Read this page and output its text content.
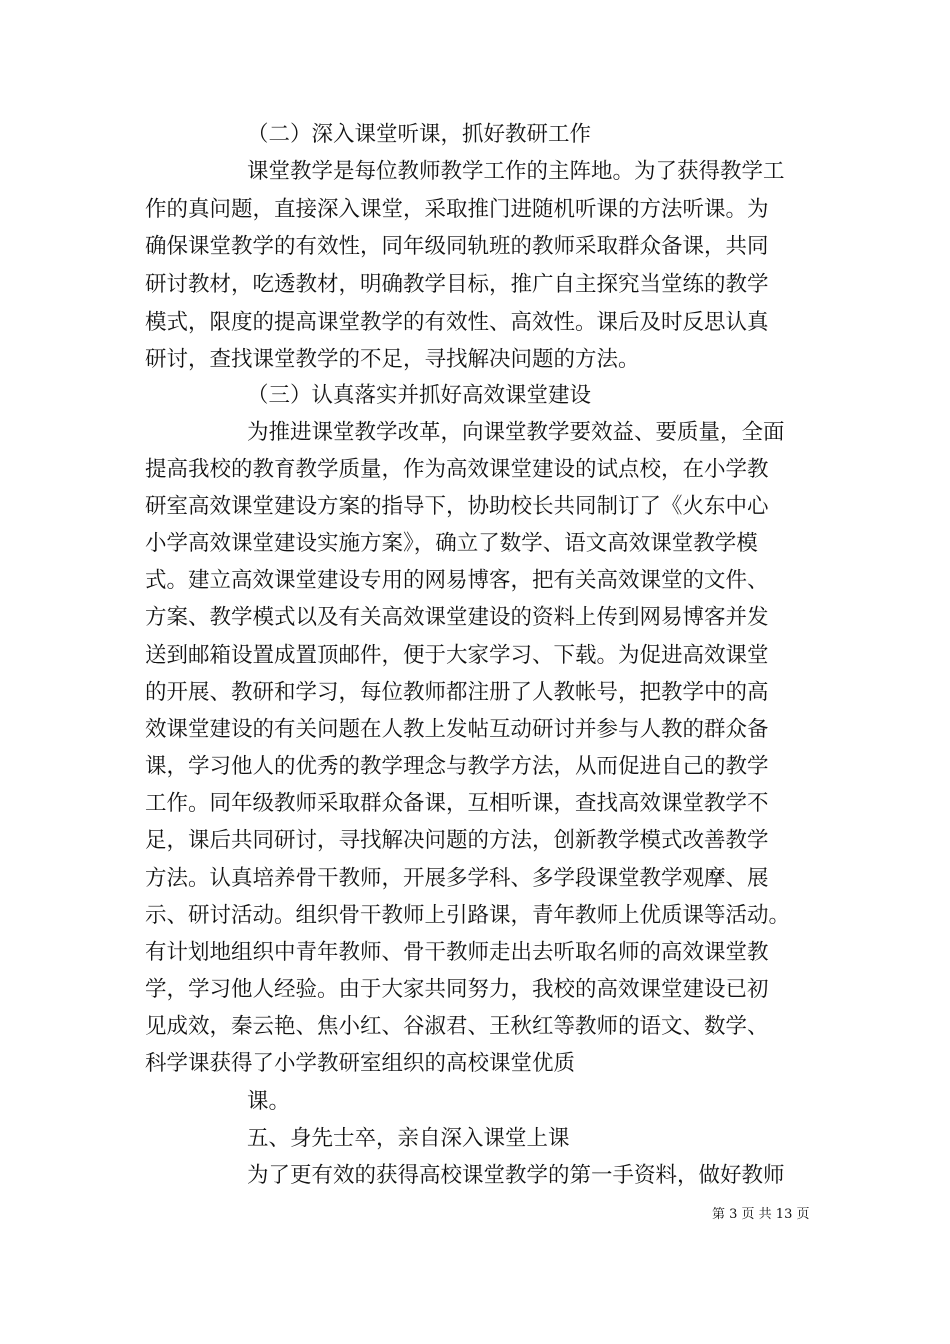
（二）深入课堂听课，抓好教研工作
课堂教学是每位教师教学工作的主阵地。为了获得教学工
作的真问题，直接深入课堂，采取推门进随机听课的方法听课。为
确保课堂教学的有效性，同年级同轨班的教师采取群众备课，共同
研讨教材，吃透教材，明确教学目标，推广自主探究当堂练的教学
模式，限度的提高课堂教学的有效性、高效性。课后及时反思认真
研讨，查找课堂教学的不足，寻找解决问题的方法。
（三）认真落实并抓好高效课堂建设
为推进课堂教学改革，向课堂教学要效益、要质量，全面
提高我校的教育教学质量，作为高效课堂建设的试点校，在小学教
研室高效课堂建设方案的指导下，协助校长共同制订了《火东中心
小学高效课堂建设实施方案》，确立了数学、语文高效课堂教学模
式。建立高效课堂建设专用的网易博客，把有关高效课堂的文件、
方案、教学模式以及有关高效课堂建设的资料上传到网易博客并发
送到邮箱设置成置顶邮件，便于大家学习、下载。为促进高效课堂
的开展、教研和学习，每位教师都注册了人教帐号，把教学中的高
效课堂建设的有关问题在人教上发帖互动研讨并参与人教的群众备
课，学习他人的优秀的教学理念与教学方法，从而促进自己的教学
工作。同年级教师采取群众备课，互相听课，查找高效课堂教学不
足，课后共同研讨，寻找解决问题的方法，创新教学模式改善教学
方法。认真培养骨干教师，开展多学科、多学段课堂教学观摩、展
示、研讨活动。组织骨干教师上引路课，青年教师上优质课等活动。
有计划地组织中青年教师、骨干教师走出去听取名师的高效课堂教
学，学习他人经验。由于大家共同努力，我校的高效课堂建设已初
见成效，秦云艳、焦小红、谷淑君、王秋红等教师的语文、数学、
科学课获得了小学教研室组织的高校课堂优质
课。
五、身先士卒，亲自深入课堂上课
为了更有效的获得高校课堂教学的第一手资料，做好教师
第 3 页 共 13 页
